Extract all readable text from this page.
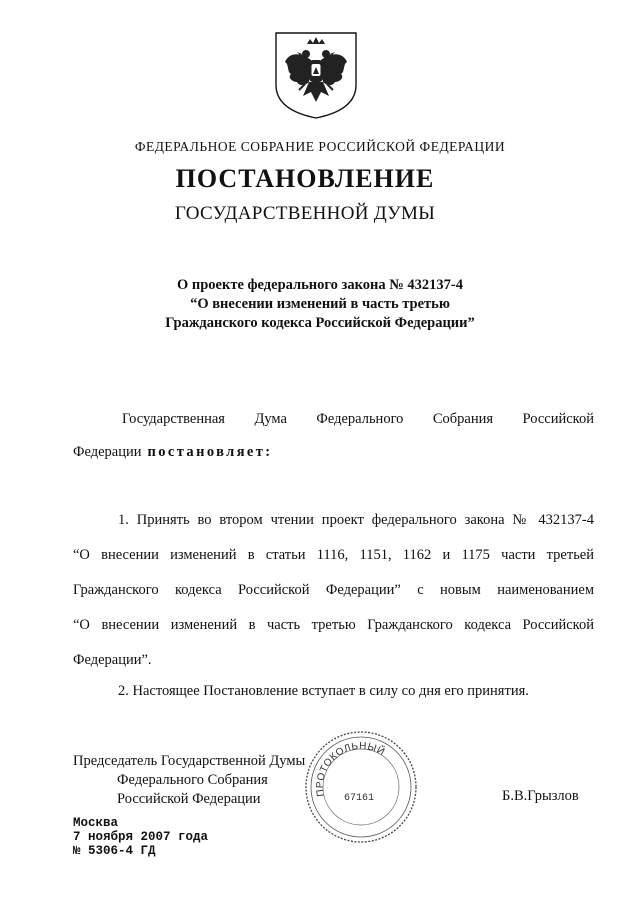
ФЕДЕРАЛЬНОЕ СОБРАНИЕ РОССИЙСКОЙ ФЕДЕРАЦИИ
ПОСТАНОВЛЕНИЕ
ГОСУДАРСТВЕННОЙ ДУМЫ
О проекте федерального закона № 432137-4
“О внесении изменений в часть третью
Гражданского кодекса Российской Федерации”
Государственная Дума Федерального Собрания Российской
Федерации постановляет:
1. Принять во втором чтении проект федерального закона № 432137-4
“О внесении изменений в статьи 1116, 1151, 1162 и 1175 части третьей
Гражданского кодекса Российской Федерации” с новым наименованием
“О внесении изменений в часть третью Гражданского кодекса Российской
Федерации”.
2. Настоящее Постановление вступает в силу со дня его принятия.
Председатель Государственной Думы
Федерального Собрания
Российской Федерации	ПРОТОКОЛЬНЫЙ
67161	Б.В.Грызлов
Москва
7 ноября 2007 года
№ 5306-4 ГД
